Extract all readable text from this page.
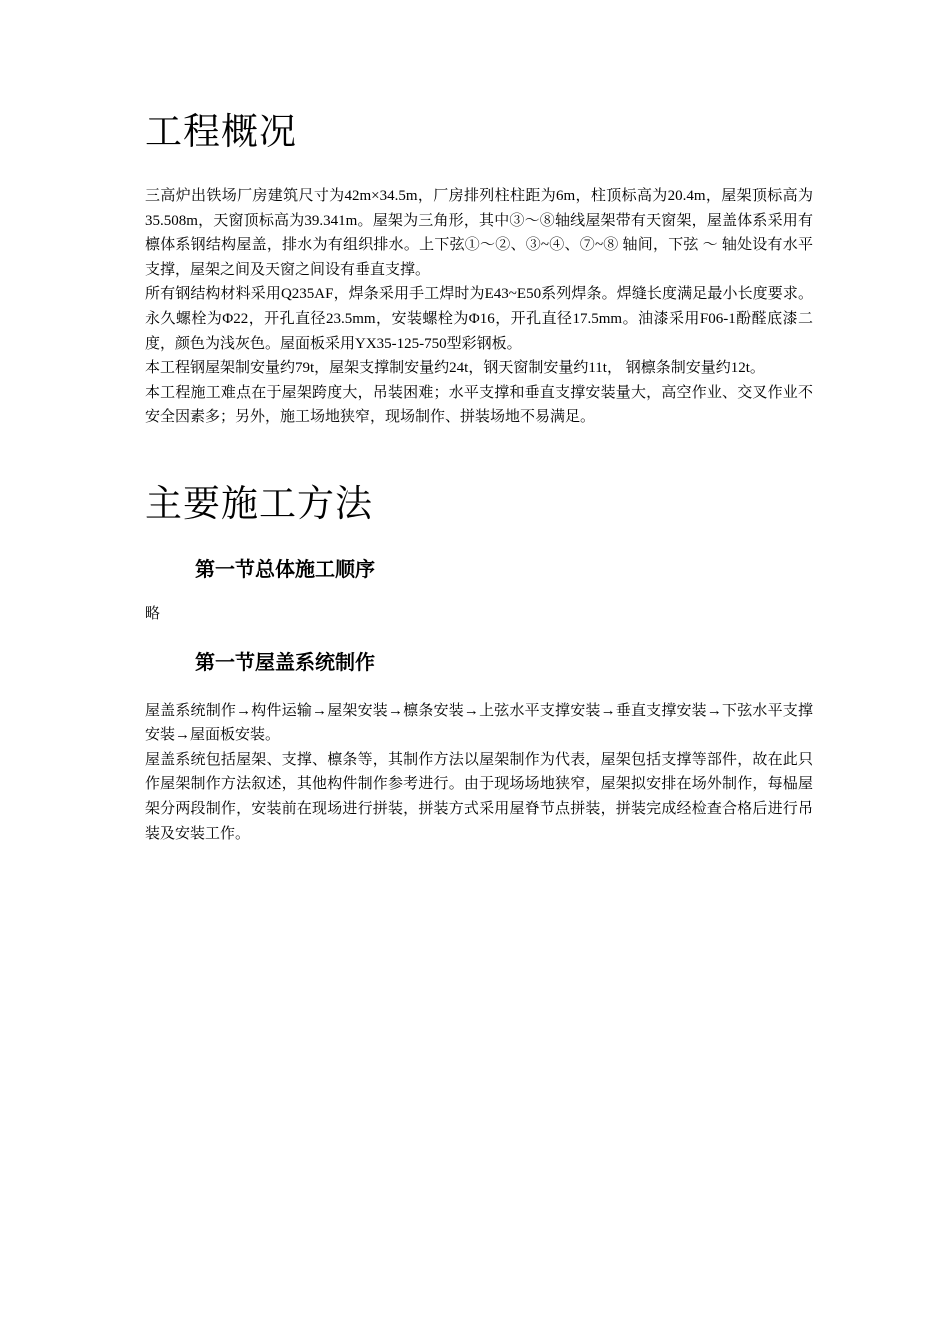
工程概况

三高炉出铁场厂房建筑尺寸为42m×34.5m，厂房排列柱柱距为6m，柱顶标高为20.4m，屋架顶标高为35.508m，天窗顶标高为39.341m。屋架为三角形，其中③～⑧轴线屋架带有天窗架，屋盖体系采用有檩体系钢结构屋盖，排水为有组织排水。上下弦①～②、③~④、⑦~⑧ 轴间，下弦 ～ 轴处设有水平支撑，屋架之间及天窗之间设有垂直支撑。

所有钢结构材料采用Q235AF，焊条采用手工焊时为E43~E50系列焊条。焊缝长度满足最小长度要求。永久螺栓为Φ22，开孔直径23.5mm，安装螺栓为Φ16，开孔直径17.5mm。油漆采用F06-1酚醛底漆二度，颜色为浅灰色。屋面板采用YX35-125-750型彩钢板。

本工程钢屋架制安量约79t，屋架支撑制安量约24t，钢天窗制安量约11t， 钢檩条制安量约12t。

本工程施工难点在于屋架跨度大，吊装困难；水平支撑和垂直支撑安装量大，高空作业、交叉作业不安全因素多；另外，施工场地狭窄，现场制作、拼装场地不易满足。

主要施工方法
第一节总体施工顺序

略

第一节屋盖系统制作

屋盖系统制作→构件运输→屋架安装→檩条安装→上弦水平支撑安装→垂直支撑安装→下弦水平支撑安装→屋面板安装。

屋盖系统包括屋架、支撑、檩条等，其制作方法以屋架制作为代表，屋架包括支撑等部件，故在此只作屋架制作方法叙述，其他构件制作参考进行。由于现场场地狭窄，屋架拟安排在场外制作，每榀屋架分两段制作，安装前在现场进行拼装，拼装方式采用屋脊节点拼装，拼装完成经检查合格后进行吊装及安装工作。
